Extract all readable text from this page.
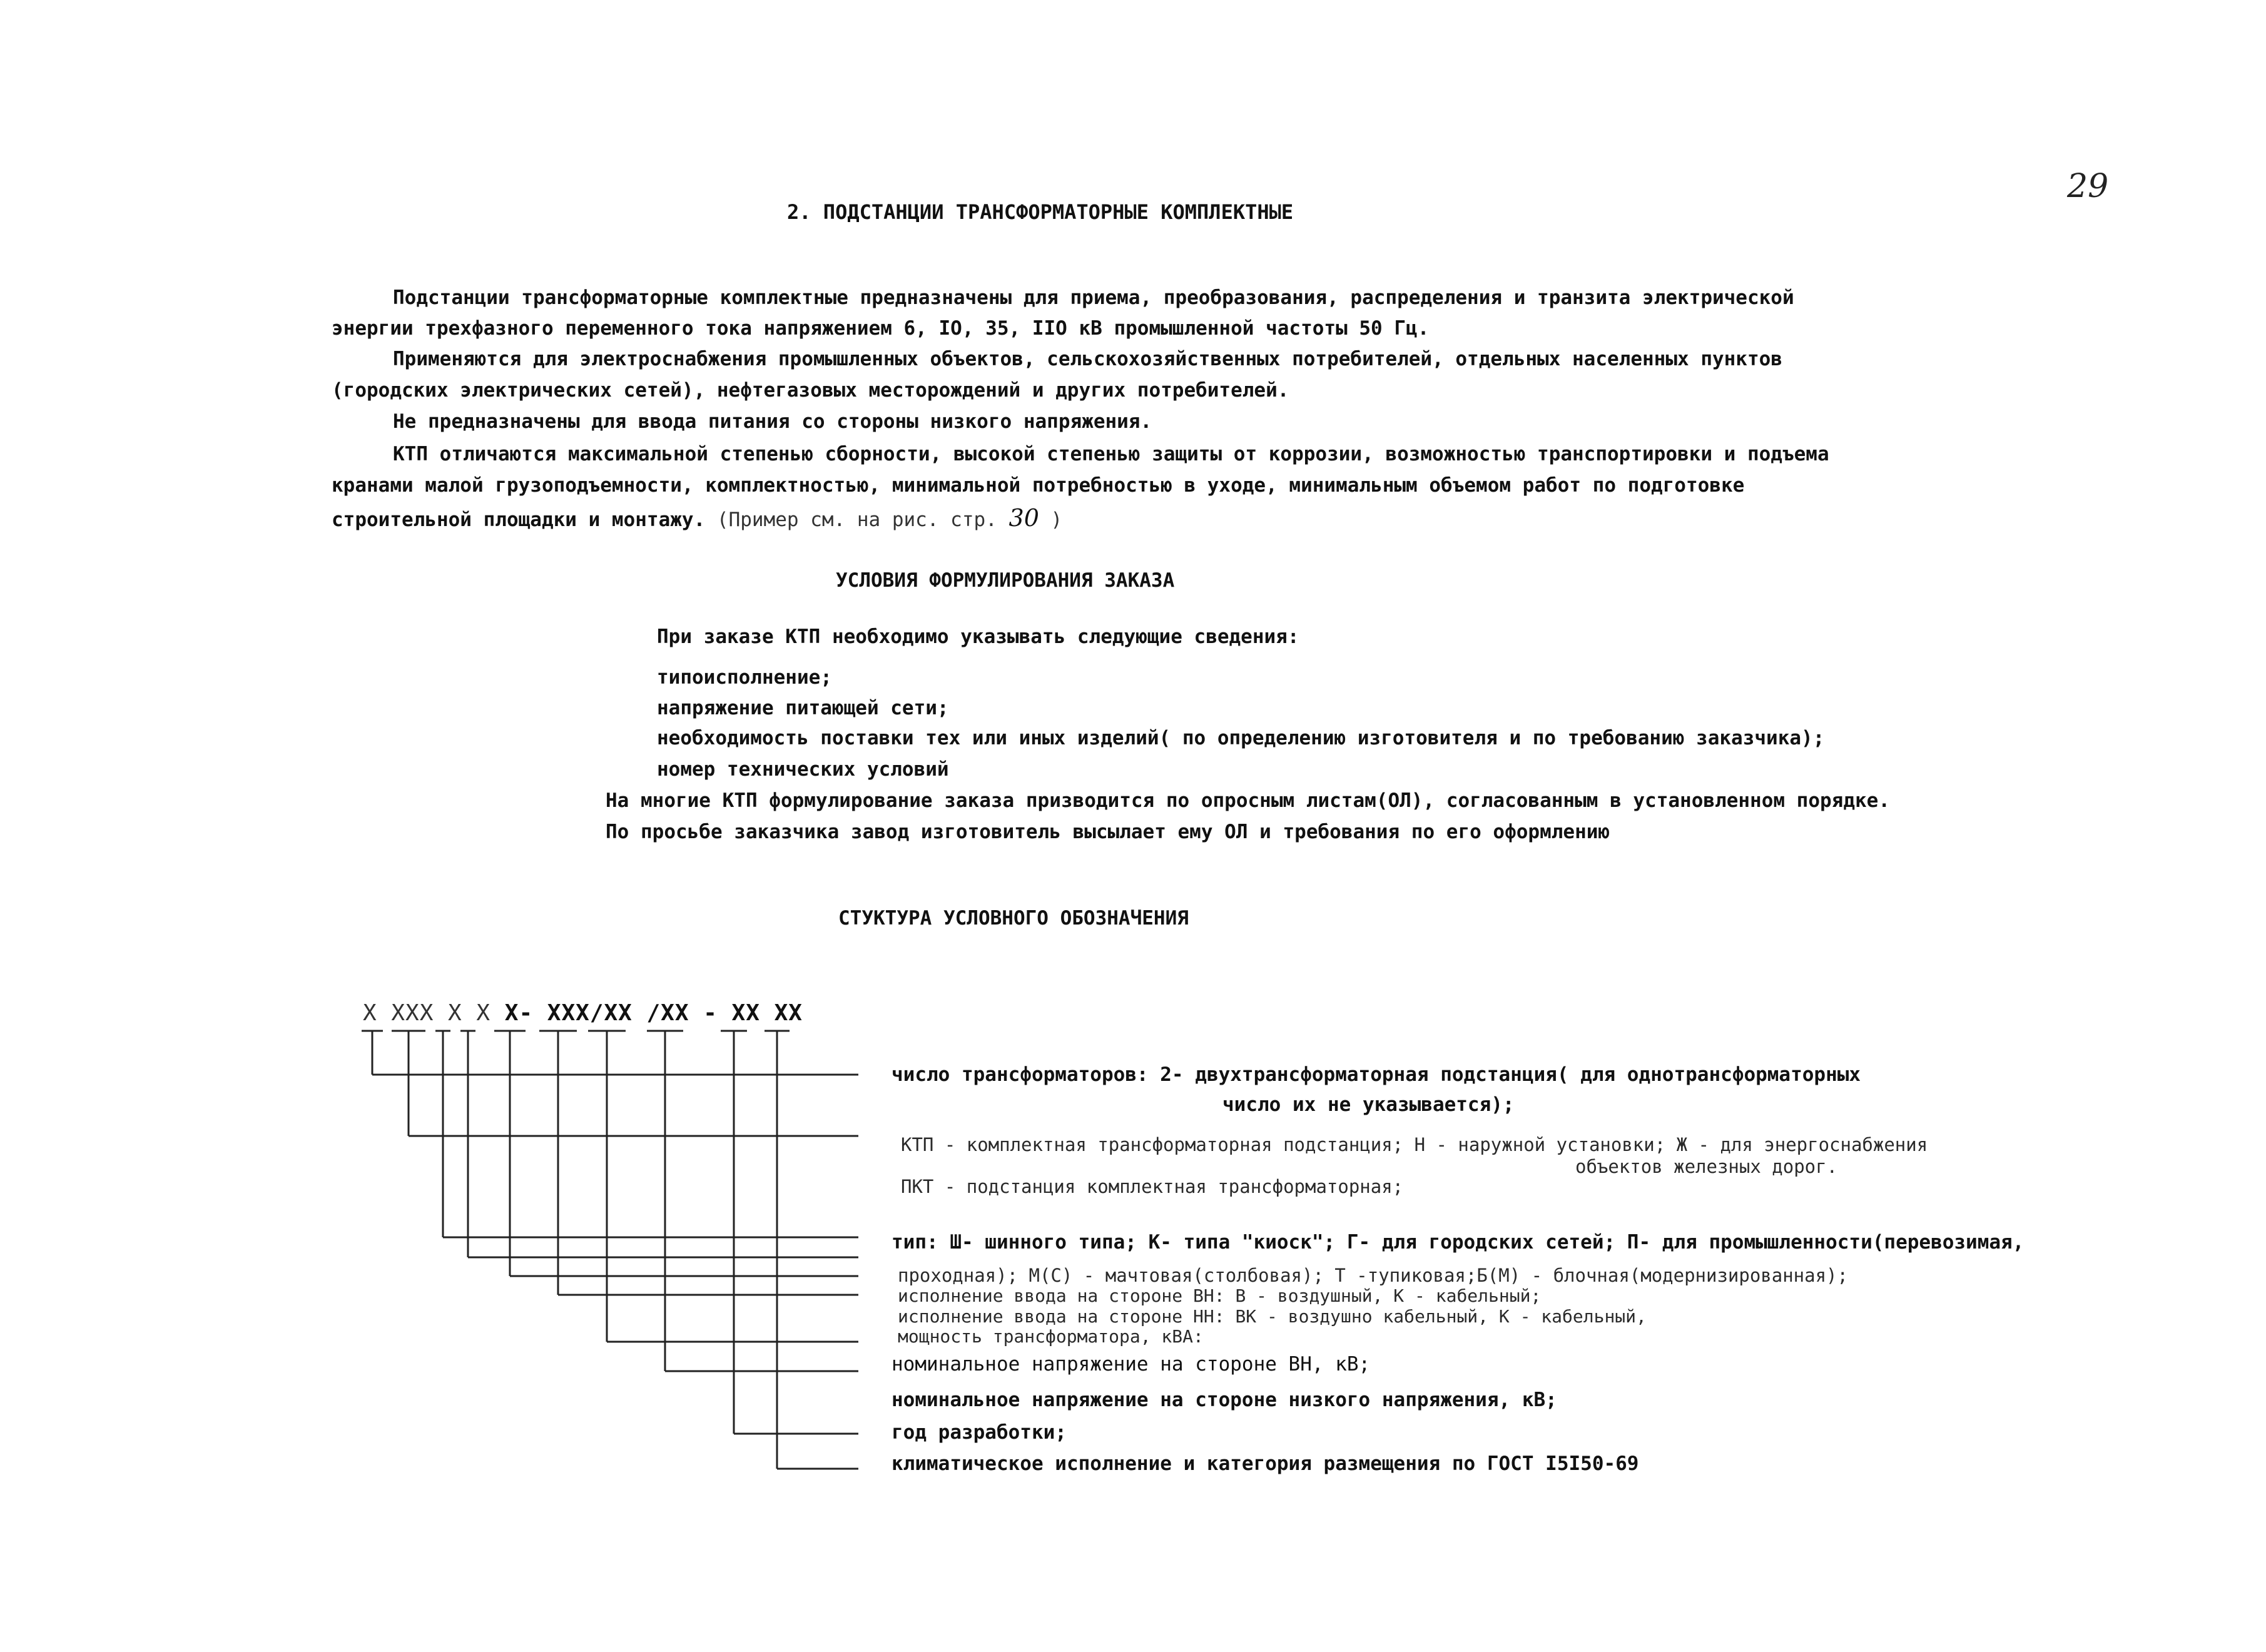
29
2. ПОДСТАНЦИИ ТРАНСФОРМАТОРНЫЕ КОМПЛЕКТНЫЕ
Подстанции трансформаторные комплектные предназначены для приема, преобразования, распределения и транзита электрической
энергии трехфазного переменного тока напряжением 6, IO, 35, IIO кВ промышленной частоты 50 Гц.
Применяются для электроснабжения промышленных объектов, сельскохозяйственных потребителей, отдельных населенных пунктов
(городских электрических сетей), нефтегазовых месторождений и других потребителей.
Не предназначены для ввода питания со стороны низкого напряжения.
КТП отличаются максимальной степенью сборности, высокой степенью защиты от коррозии, возможностью транспортировки и подъема
кранами малой грузоподъемности, комплектностью, минимальной потребностью в уходе, минимальным объемом работ по подготовке
строительной площадки и монтажу. (Пример см. на рис. стр. 30 )
УСЛОВИЯ ФОРМУЛИРОВАНИЯ ЗАКАЗА
При заказе КТП необходимо указывать следующие сведения:
типоисполнение;
напряжение питающей сети;
необходимость поставки тех или иных изделий( по определению изготовителя и по требованию заказчика);
номер технических условий
На многие КТП формулирование заказа призводится по опросным листам(ОЛ), согласованным в установленном порядке.
По просьбе заказчика завод изготовитель высылает ему ОЛ и требования по его оформлению
СТУКТУРА УСЛОВНОГО ОБОЗНАЧЕНИЯ
X XXX X X X- XXX/XX /XX - XX XX
число трансформаторов: 2- двухтрансформаторная подстанция( для однотрансформаторных
число их не указывается);
КТП - комплектная трансформаторная подстанция; Н - наружной установки; Ж - для энергоснабжения
объектов железных дорог.
ПКТ - подстанция комплектная трансформаторная;
тип: Ш- шинного типа; К- типа "киоск"; Г- для городских сетей; П- для промышленности(перевозимая,
проходная); М(С) - мачтовая(столбовая); Т -тупиковая;Б(М) - блочная(модернизированная);
исполнение ввода на стороне ВН: В - воздушный, К - кабельный;
исполнение ввода на стороне НН: ВК - воздушно кабельный, К - кабельный,
мощность трансформатора, кВА:
номинальное напряжение на стороне ВН, кВ;
номинальное напряжение на стороне низкого напряжения, кВ;
год разработки;
климатическое исполнение и категория размещения по ГОСТ I5I50-69
